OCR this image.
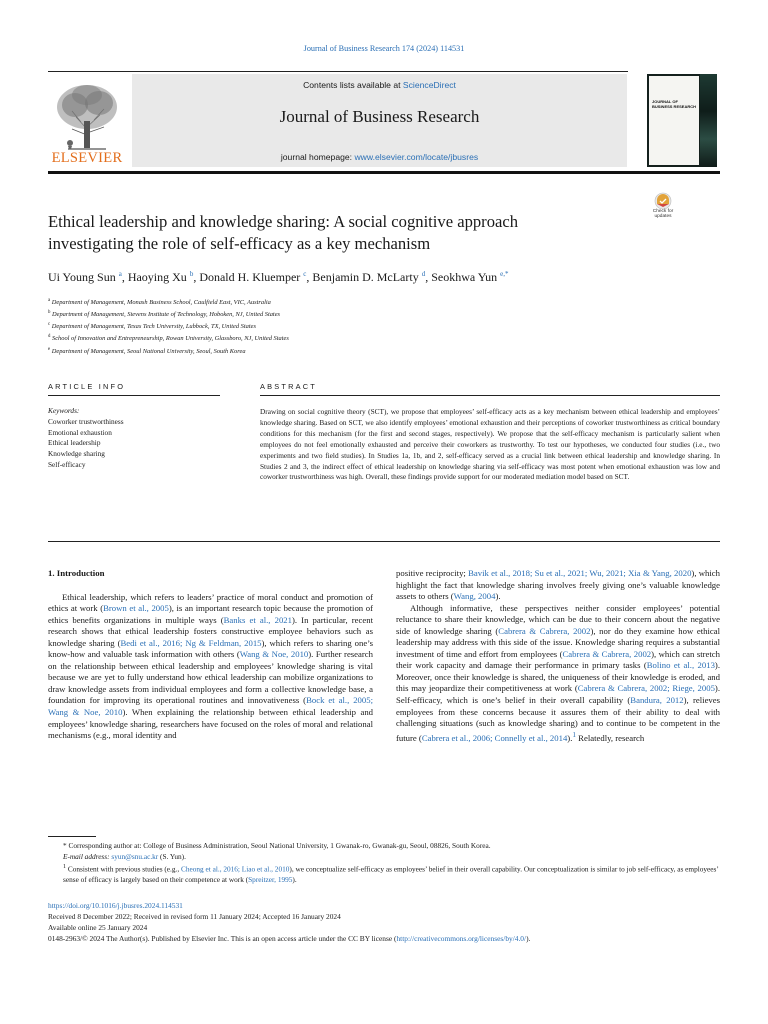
Journal of Business Research 174 (2024) 114531
ELSEVIER
Contents lists available at ScienceDirect
Journal of Business Research
journal homepage: www.elsevier.com/locate/jbusres
JOURNAL OF BUSINESS RESEARCH
Ethical leadership and knowledge sharing: A social cognitive approach
investigating the role of self-efficacy as a key mechanism
Check for updates
Ui Young Sun $^a$, Haoying Xu $^b$, Donald H. Kluemper $^c$, Benjamin D. McLarty $^d$, Seokhwa Yun $^{e,*}$
$^a$ Department of Management, Monash Business School, Caulfield East, VIC, Australia
$^b$ Department of Management, Stevens Institute of Technology, Hoboken, NJ, United States
$^c$ Department of Management, Texas Tech University, Lubbock, TX, United States
$^d$ School of Innovation and Entrepreneurship, Rowan University, Glassboro, NJ, United States
$^e$ Department of Management, Seoul National University, Seoul, South Korea
ARTICLE INFO	ABSTRACT
Keywords:
Coworker trustworthiness
Emotional exhaustion
Ethical leadership
Knowledge sharing
Self-efficacy
Drawing on social cognitive theory (SCT), we propose that employees’ self-efficacy acts as a key mechanism between ethical leadership and employees’ knowledge sharing. Based on SCT, we also identify employees’ emotional exhaustion and their perceptions of coworker trustworthiness as critical boundary conditions for this mechanism (for the first and second stages, respectively). We propose that the self-efficacy mechanism is particularly salient when employees do not feel emotionally exhausted and perceive their coworkers as trustworthy. To test our hypotheses, we conducted four studies (i.e., two experiments and two field studies). In Studies 1a, 1b, and 2, self-efficacy served as a crucial link between ethical leadership and knowledge sharing. In Studies 2 and 3, the indirect effect of ethical leadership on knowledge sharing via self-efficacy was most potent when emotional exhaustion was low and coworker trustworthiness was high. Overall, these findings provide support for our moderated mediation model based on SCT.
1. Introduction

Ethical leadership, which refers to leaders’ practice of moral conduct and promotion of ethics at work (Brown et al., 2005), is an important research topic because the promotion of ethics benefits organizations in multiple ways (Banks et al., 2021). In particular, recent research shows that ethical leadership fosters constructive employee behaviors such as knowledge sharing (Bedi et al., 2016; Ng & Feldman, 2015), which refers to sharing one’s know-how and valuable task information with others (Wang & Noe, 2010). Further research on the relationship between ethical leadership and employees’ knowledge sharing is vital because we are yet to fully understand how ethical leadership can mobilize organizations to draw knowledge assets from individual employees and form a collective knowledge base, a foundation for improving its operational routines and innovativeness (Bock et al., 2005; Wang & Noe, 2010). When explaining the relationship between ethical leadership and employees’ knowledge sharing, researchers have focused on the roles of moral and relational mechanisms (e.g., moral identity and

positive reciprocity; Bavik et al., 2018; Su et al., 2021; Wu, 2021; Xia & Yang, 2020), which highlight the fact that knowledge sharing involves freely giving one’s valuable knowledge assets to others (Wang, 2004).

Although informative, these perspectives neither consider employees’ potential reluctance to share their knowledge, which can be due to their concern about the negative side of knowledge sharing (Cabrera & Cabrera, 2002), nor do they examine how ethical leadership may address with this side of the issue. Knowledge sharing requires a substantial investment of time and effort from employees (Cabrera & Cabrera, 2002), which can stretch their work capacity and damage their performance in primary tasks (Bolino et al., 2013). Moreover, once their knowledge is shared, the uniqueness of their knowledge is eroded, and this may jeopardize their competitiveness at work (Cabrera & Cabrera, 2002; Riege, 2005). Self-efficacy, which is one’s belief in their overall capability (Bandura, 2012), relieves employees from these concerns because it assures them of their ability to deal with challenging situations (such as knowledge sharing) and to continue to be competent in the future (Cabrera et al., 2006; Connelly et al., 2014).$^1$ Relatedly, research

* Corresponding author at: College of Business Administration, Seoul National University, 1 Gwanak-ro, Gwanak-gu, Seoul, 08826, South Korea.

E-mail address: syun@snu.ac.kr (S. Yun).

$^1$ Consistent with previous studies (e.g., Cheong et al., 2016; Liao et al., 2010), we conceptualize self-efficacy as employees’ belief in their overall capability. Our conceptualization is similar to job self-efficacy, as employees’ sense of efficacy is largely based on their competence at work (Spreitzer, 1995).

https://doi.org/10.1016/j.jbusres.2024.114531

Received 8 December 2022; Received in revised form 11 January 2024; Accepted 16 January 2024

Available online 25 January 2024

0148-2963/© 2024 The Author(s). Published by Elsevier Inc. This is an open access article under the CC BY license (http://creativecommons.org/licenses/by/4.0/).
